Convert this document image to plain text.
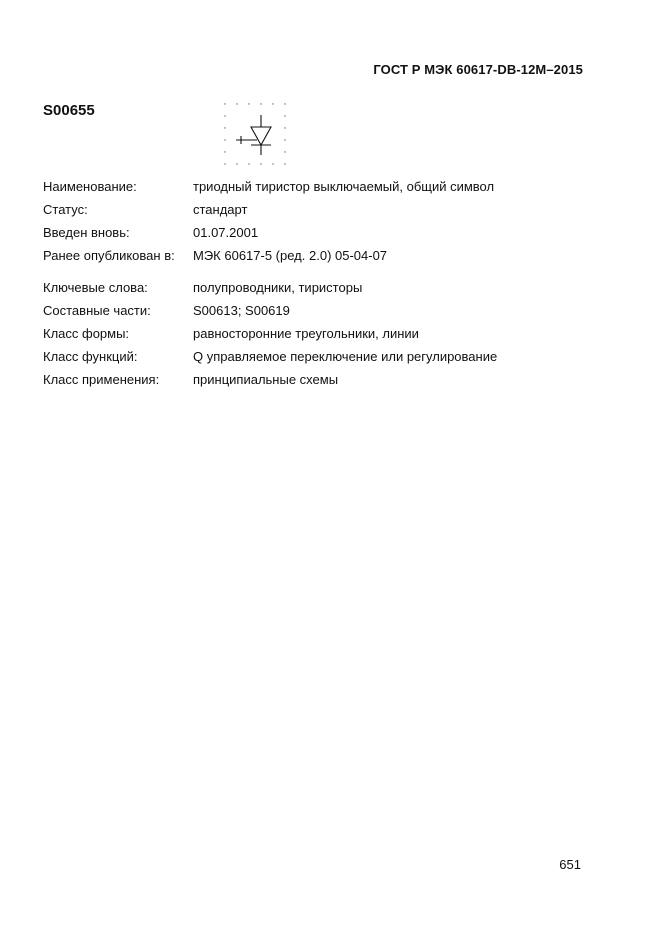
ГОСТ Р МЭК 60617-DB-12M–2015
S00655
Наименование:	триодный тиристор выключаемый, общий символ
Статус:	стандарт
Введен вновь:	01.07.2001
Ранее опубликован в:	МЭК 60617-5 (ред. 2.0) 05-04-07
Ключевые слова:	полупроводники, тиристоры
Составные части:	S00613; S00619
Класс формы:	равносторонние треугольники, линии
Класс функций:	Q управляемое переключение или регулирование
Класс применения:	принципиальные схемы
651
